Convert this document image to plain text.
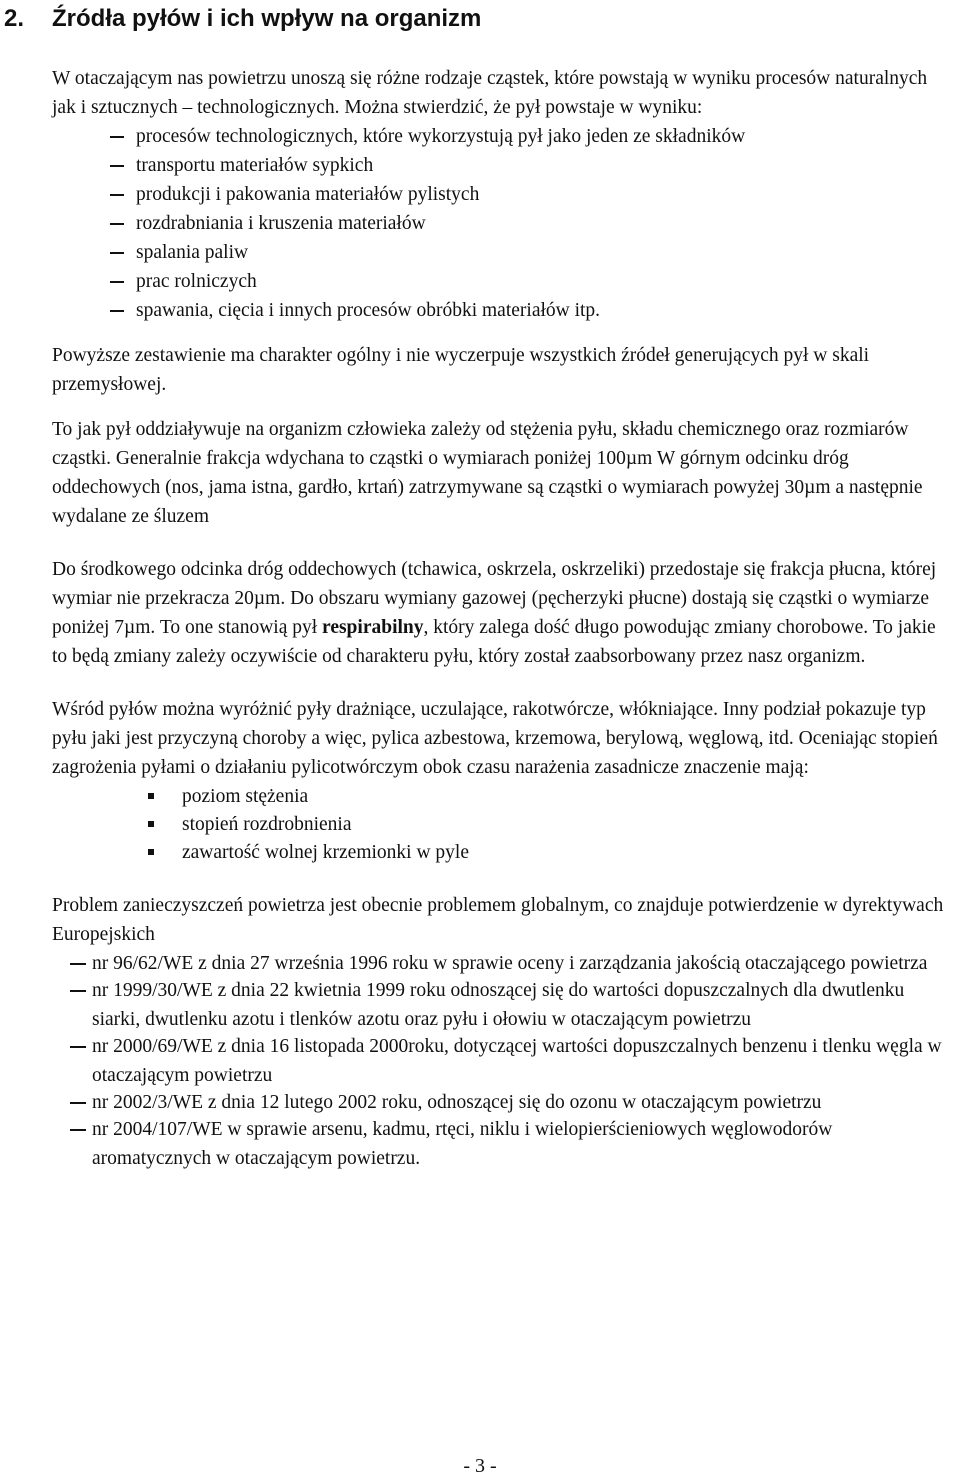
2. Źródła pyłów i ich wpływ na organizm

W otaczającym nas powietrzu unoszą się różne rodzaje cząstek, które powstają w wyniku procesów naturalnych jak i sztucznych – technologicznych. Można stwierdzić, że pył powstaje w wyniku:

procesów technologicznych, które wykorzystują pył jako jeden ze składników
transportu materiałów sypkich
produkcji i pakowania materiałów pylistych
rozdrabniania i kruszenia materiałów
spalania paliw
prac rolniczych
spawania, cięcia i innych procesów obróbki materiałów itp.

Powyższe zestawienie ma charakter ogólny i nie wyczerpuje wszystkich źródeł generujących pył w skali przemysłowej.

To jak pył oddziaływuje na organizm człowieka zależy od stężenia pyłu, składu chemicznego oraz rozmiarów cząstki. Generalnie frakcja wdychana to cząstki o wymiarach poniżej 100µm W górnym odcinku dróg oddechowych (nos, jama istna, gardło, krtań) zatrzymywane są cząstki o wymiarach powyżej 30µm a następnie wydalane ze śluzem

Do środkowego odcinka dróg oddechowych (tchawica, oskrzela, oskrzeliki) przedostaje się frakcja płucna, której wymiar nie przekracza 20µm. Do obszaru wymiany gazowej (pęcherzyki płucne) dostają się cząstki o wymiarze poniżej 7µm. To one stanowią pył respirabilny, który zalega dość długo powodując zmiany chorobowe. To jakie to będą zmiany zależy oczywiście od charakteru pyłu, który został zaabsorbowany przez nasz organizm.

Wśród pyłów można wyróżnić pyły drażniące, uczulające, rakotwórcze, włókniające. Inny podział pokazuje typ pyłu jaki jest przyczyną choroby a więc, pylica azbestowa, krzemowa, berylową, węglową, itd. Oceniając stopień zagrożenia pyłami o działaniu pylicotwórczym obok czasu narażenia zasadnicze znaczenie mają:

poziom stężenia
stopień rozdrobnienia
zawartość wolnej krzemionki w pyle

Problem zanieczyszczeń powietrza jest obecnie problemem globalnym, co znajduje potwierdzenie w dyrektywach Europejskich

nr 96/62/WE z dnia 27 września 1996 roku w sprawie oceny i zarządzania jakością otaczającego powietrza
nr 1999/30/WE z dnia 22 kwietnia 1999 roku odnoszącej się do wartości dopuszczalnych dla dwutlenku siarki, dwutlenku azotu i tlenków azotu oraz pyłu i ołowiu w otaczającym powietrzu
nr 2000/69/WE z dnia 16 listopada 2000roku, dotyczącej wartości dopuszczalnych benzenu i tlenku węgla w otaczającym powietrzu
nr 2002/3/WE z dnia 12 lutego 2002 roku, odnoszącej się do ozonu w otaczającym powietrzu
nr 2004/107/WE w sprawie arsenu, kadmu, rtęci, niklu i wielopierścieniowych węglowodorów aromatycznych w otaczającym powietrzu.
- 3 -
